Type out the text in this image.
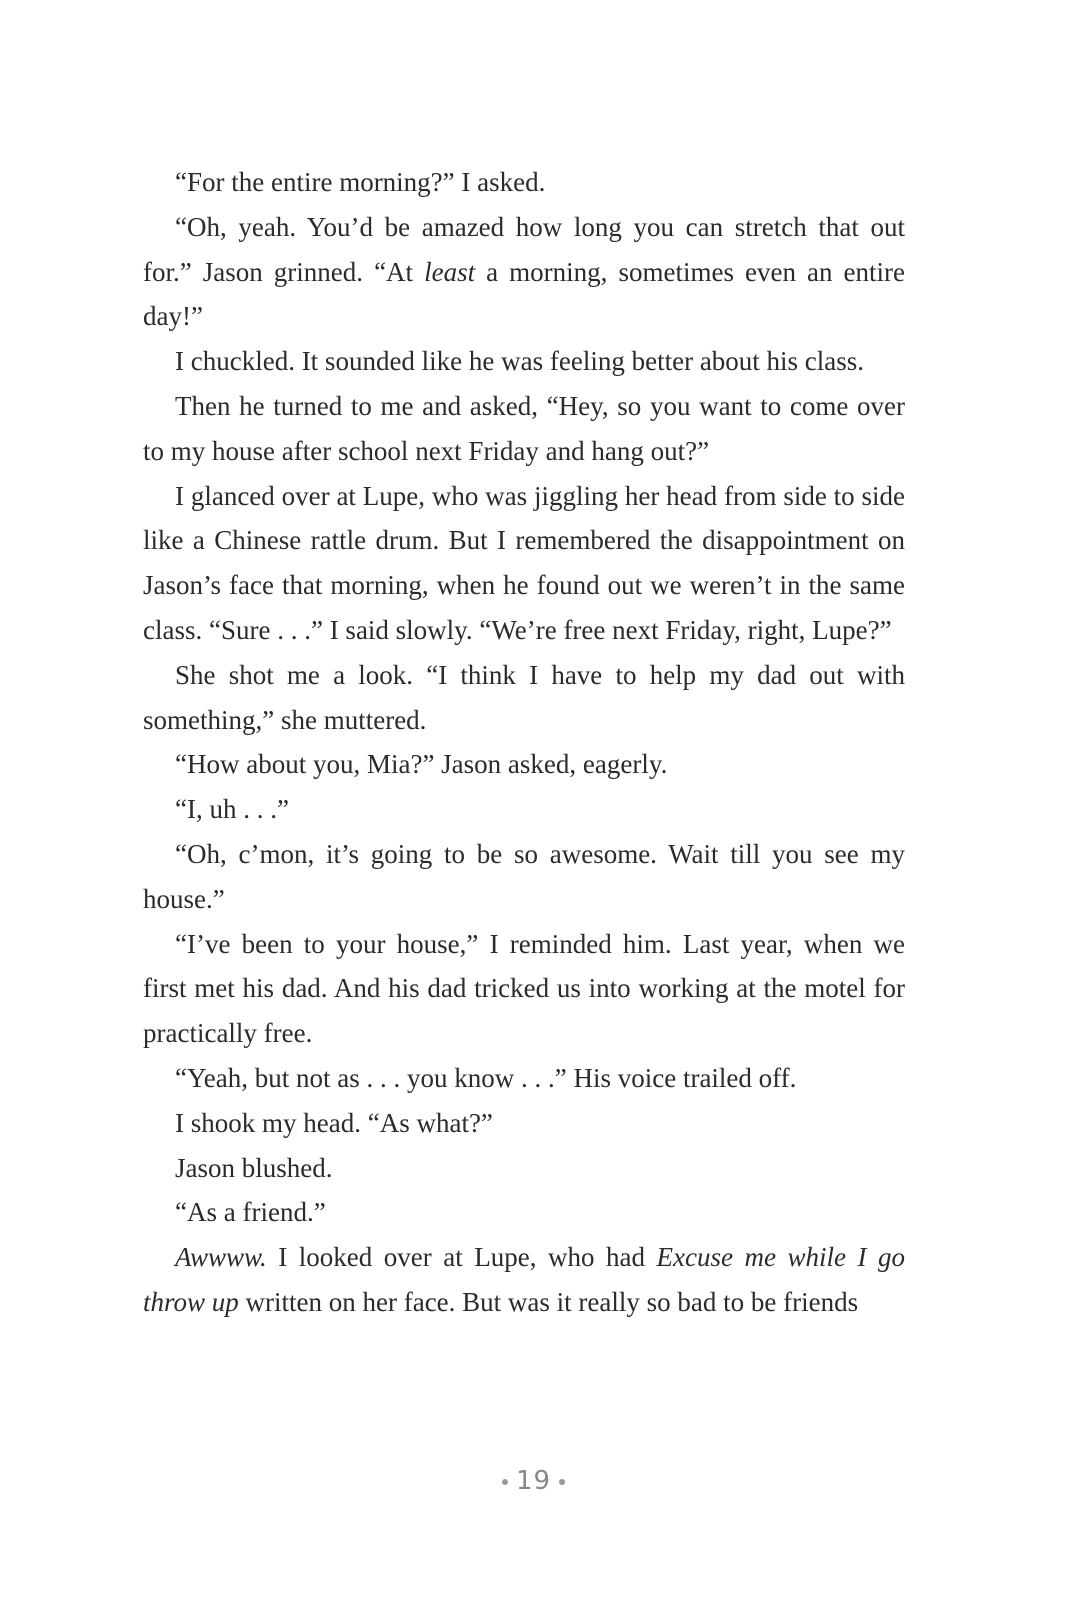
“For the entire morning?” I asked.

“Oh, yeah. You’d be amazed how long you can stretch that out for.” Jason grinned. “At least a morning, sometimes even an entire day!”

I chuckled. It sounded like he was feeling better about his class.

Then he turned to me and asked, “Hey, so you want to come over to my house after school next Friday and hang out?”

I glanced over at Lupe, who was jiggling her head from side to side like a Chinese rattle drum. But I remembered the disappointment on Jason’s face that morning, when he found out we weren’t in the same class. “Sure . . .” I said slowly. “We’re free next Friday, right, Lupe?”

She shot me a look. “I think I have to help my dad out with something,” she muttered.

“How about you, Mia?” Jason asked, eagerly.

“I, uh . . .”

“Oh, c’mon, it’s going to be so awesome. Wait till you see my house.”

“I’ve been to your house,” I reminded him. Last year, when we first met his dad. And his dad tricked us into working at the motel for practically free.

“Yeah, but not as . . . you know . . .” His voice trailed off.

I shook my head. “As what?”

Jason blushed.

“As a friend.”

Awwww. I looked over at Lupe, who had Excuse me while I go throw up written on her face. But was it really so bad to be friends

19
